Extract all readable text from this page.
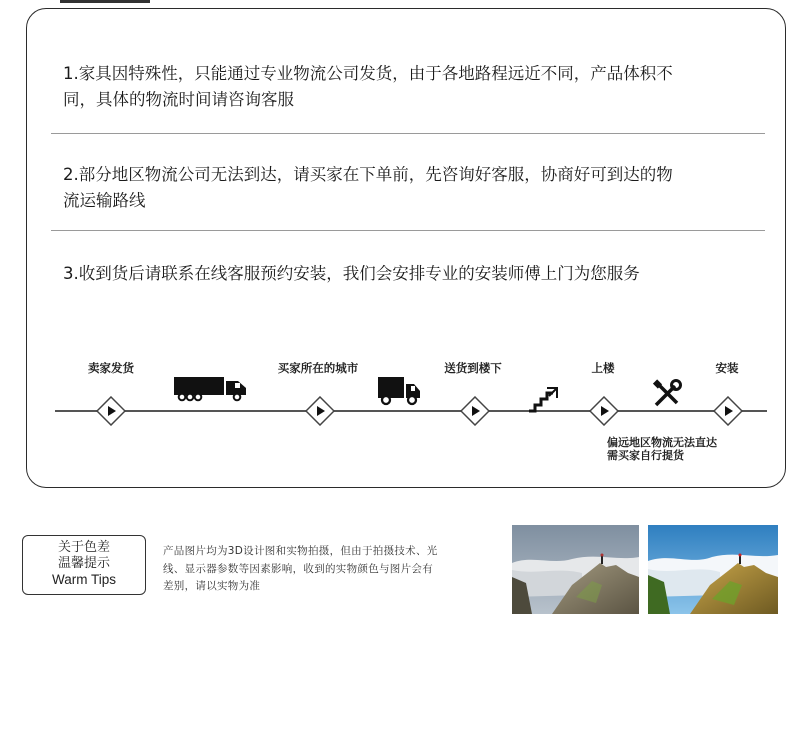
1.家具因特殊性，只能通过专业物流公司发货，由于各地路程远近不同，产品体积不
同，具体的物流时间请咨询客服
2.部分地区物流公司无法到达，请买家在下单前，先咨询好客服，协商好可到达的物
流运输路线
3.收到货后请联系在线客服预约安装，我们会安排专业的安装师傅上门为您服务
卖家发货	买家所在的城市	送货到楼下	上楼	安装
偏远地区物流无法直达
需买家自行提货
关于色差
温馨提示
Warm Tips
产品图片均为3D设计图和实物拍摄，但由于拍摄技术、光
线、显示器参数等因素影响，收到的实物颜色与图片会有
差别，请以实物为准
